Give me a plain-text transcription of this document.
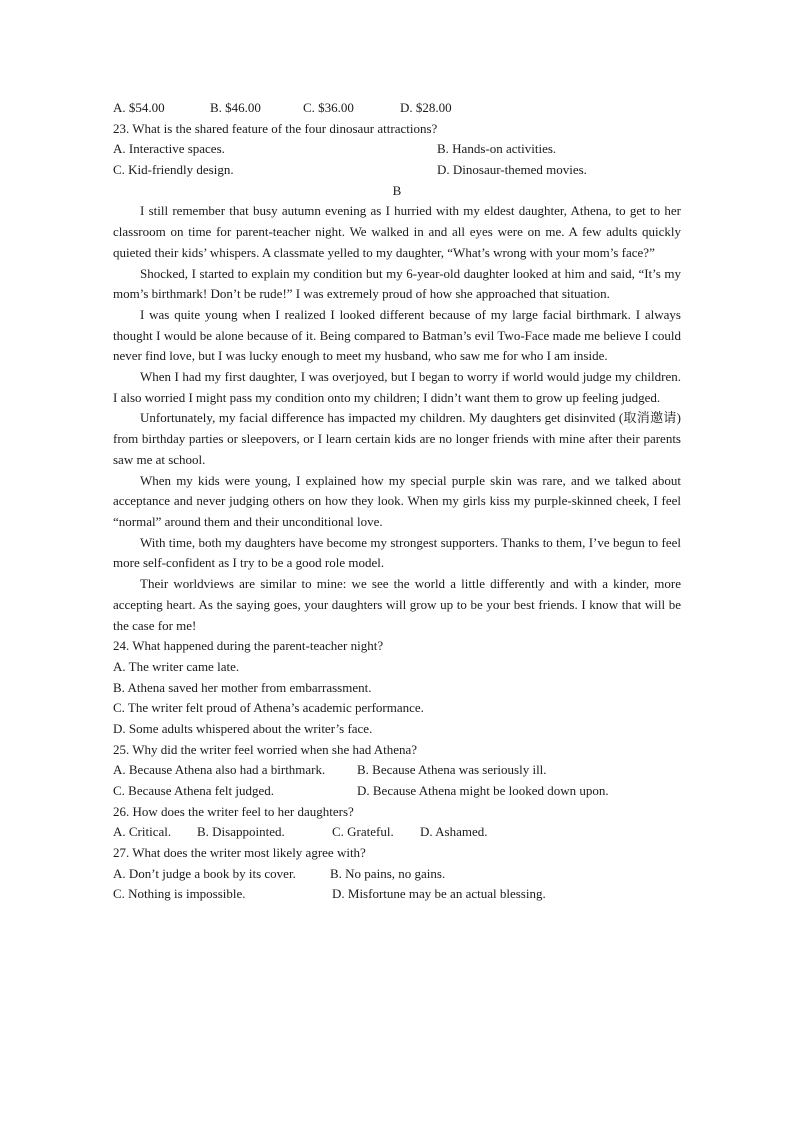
A. $54.00	B. $46.00	C. $36.00	D. $28.00
23. What is the shared feature of the four dinosaur attractions?
A. Interactive spaces.	B. Hands-on activities.
C. Kid-friendly design.	D. Dinosaur-themed movies.
B

I still remember that busy autumn evening as I hurried with my eldest daughter, Athena, to get to her classroom on time for parent-teacher night. We walked in and all eyes were on me. A few adults quickly quieted their kids’ whispers. A classmate yelled to my daughter, “What’s wrong with your mom’s face?”

Shocked, I started to explain my condition but my 6-year-old daughter looked at him and said, “It’s my mom’s birthmark! Don’t be rude!” I was extremely proud of how she approached that situation.

I was quite young when I realized I looked different because of my large facial birthmark. I always thought I would be alone because of it. Being compared to Batman’s evil Two-Face made me believe I could never find love, but I was lucky enough to meet my husband, who saw me for who I am inside.

When I had my first daughter, I was overjoyed, but I began to worry if world would judge my children. I also worried I might pass my condition onto my children; I didn’t want them to grow up feeling judged.

Unfortunately, my facial difference has impacted my children. My daughters get disinvited (取消邀请) from birthday parties or sleepovers, or I learn certain kids are no longer friends with mine after their parents saw me at school.

When my kids were young, I explained how my special purple skin was rare, and we talked about acceptance and never judging others on how they look. When my girls kiss my purple-skinned cheek, I feel “normal” around them and their unconditional love.

With time, both my daughters have become my strongest supporters. Thanks to them, I’ve begun to feel more self-confident as I try to be a good role model.

Their worldviews are similar to mine: we see the world a little differently and with a kinder, more accepting heart. As the saying goes, your daughters will grow up to be your best friends. I know that will be the case for me!

24. What happened during the parent-teacher night?
A. The writer came late.
B. Athena saved her mother from embarrassment.
C. The writer felt proud of Athena’s academic performance.
D. Some adults whispered about the writer’s face.
25. Why did the writer feel worried when she had Athena?
A. Because Athena also had a birthmark. B. Because Athena was seriously ill.
C. Because Athena felt judged.	D. Because Athena might be looked down upon.
26. How does the writer feel to her daughters?
A. Critical. B. Disappointed.	C. Grateful. D. Ashamed.
27. What does the writer most likely agree with?
A. Don’t judge a book by its cover.	B. No pains, no gains.
C. Nothing is impossible.	D. Misfortune may be an actual blessing.
